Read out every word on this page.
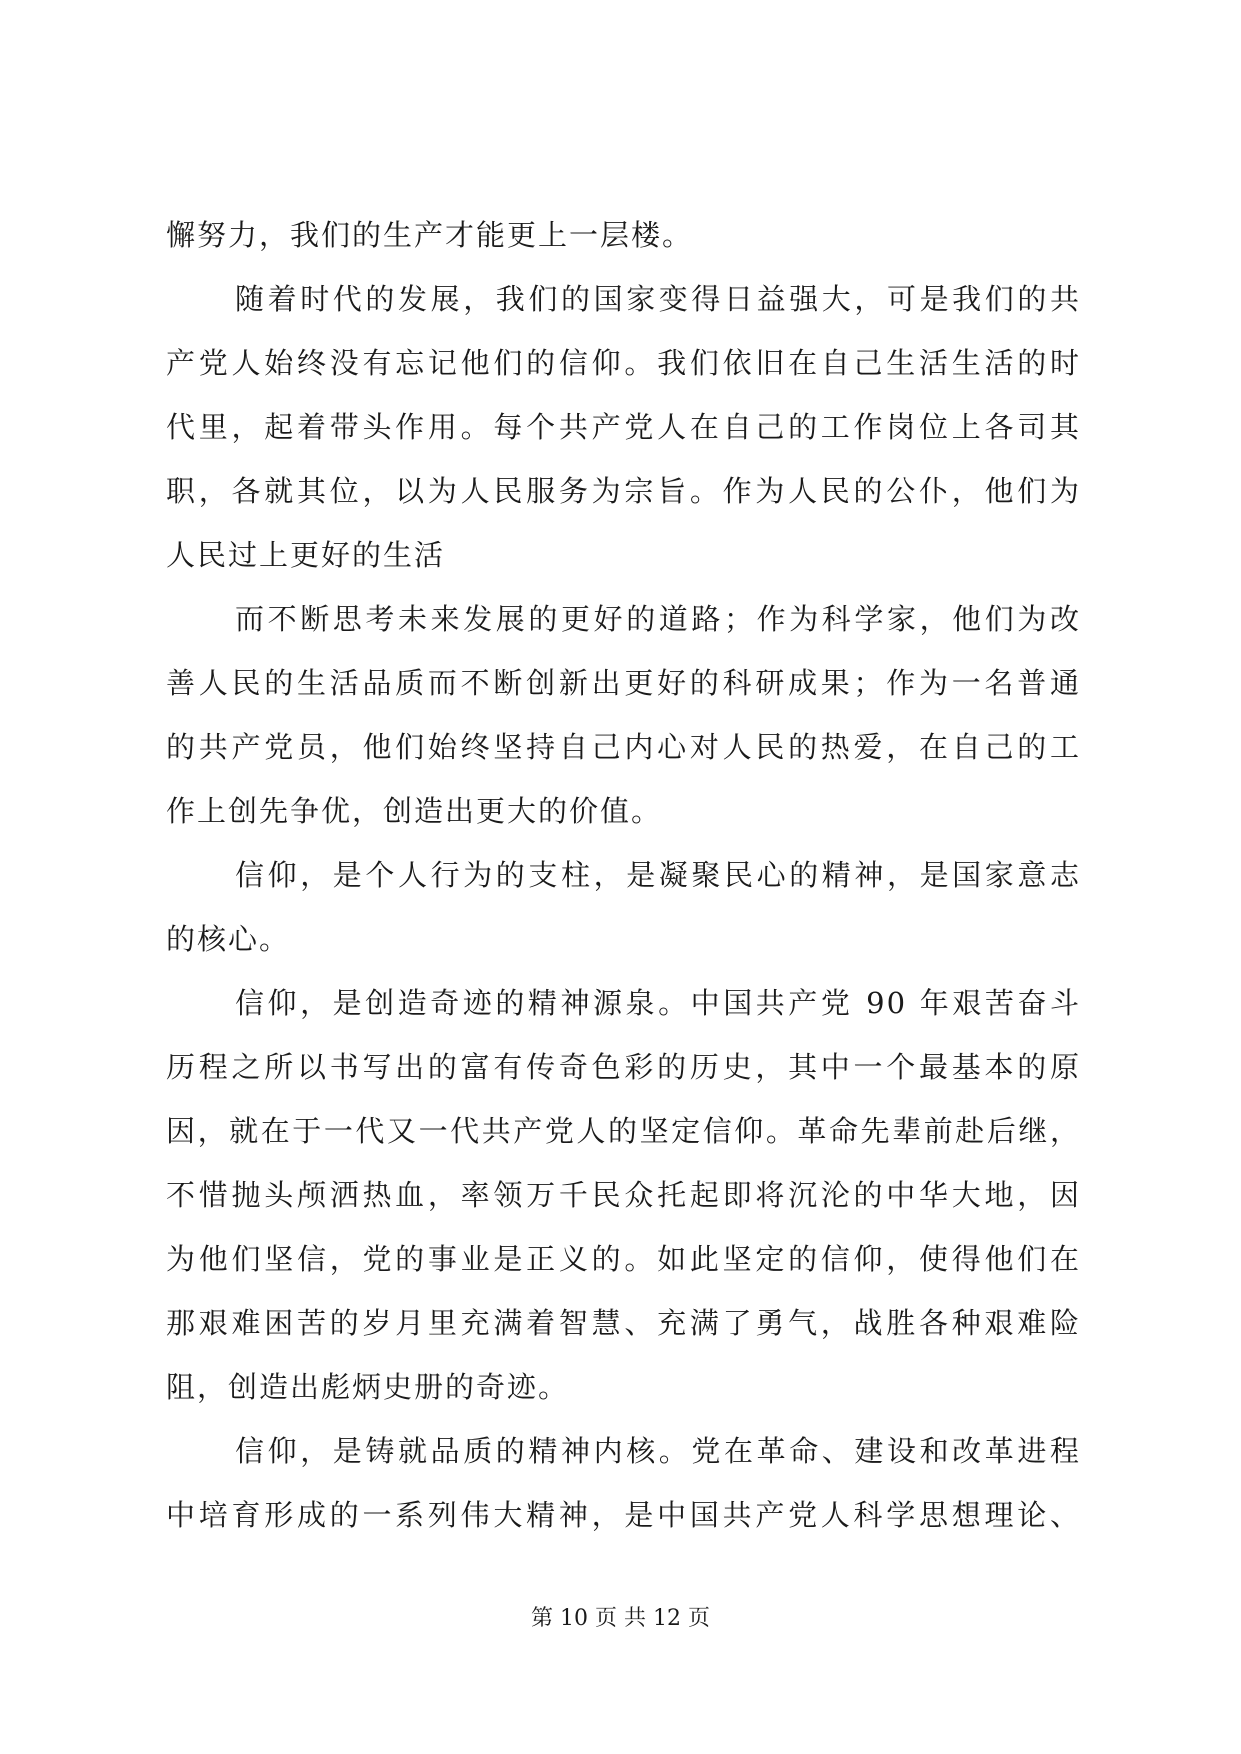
懈努力，我们的生产才能更上一层楼。
随着时代的发展，我们的国家变得日益强大，可是我们的共
产党人始终没有忘记他们的信仰。我们依旧在自己生活生活的时
代里，起着带头作用。每个共产党人在自己的工作岗位上各司其
职，各就其位，以为人民服务为宗旨。作为人民的公仆，他们为
人民过上更好的生活
而不断思考未来发展的更好的道路；作为科学家，他们为改
善人民的生活品质而不断创新出更好的科研成果；作为一名普通
的共产党员，他们始终坚持自己内心对人民的热爱，在自己的工
作上创先争优，创造出更大的价值。
信仰，是个人行为的支柱，是凝聚民心的精神，是国家意志
的核心。
信仰，是创造奇迹的精神源泉。中国共产党 90 年艰苦奋斗
历程之所以书写出的富有传奇色彩的历史，其中一个最基本的原
因，就在于一代又一代共产党人的坚定信仰。革命先辈前赴后继，
不惜抛头颅洒热血，率领万千民众托起即将沉沦的中华大地，因
为他们坚信，党的事业是正义的。如此坚定的信仰，使得他们在
那艰难困苦的岁月里充满着智慧、充满了勇气，战胜各种艰难险
阻，创造出彪炳史册的奇迹。
信仰，是铸就品质的精神内核。党在革命、建设和改革进程
中培育形成的一系列伟大精神，是中国共产党人科学思想理论、
第 10 页 共 12 页
